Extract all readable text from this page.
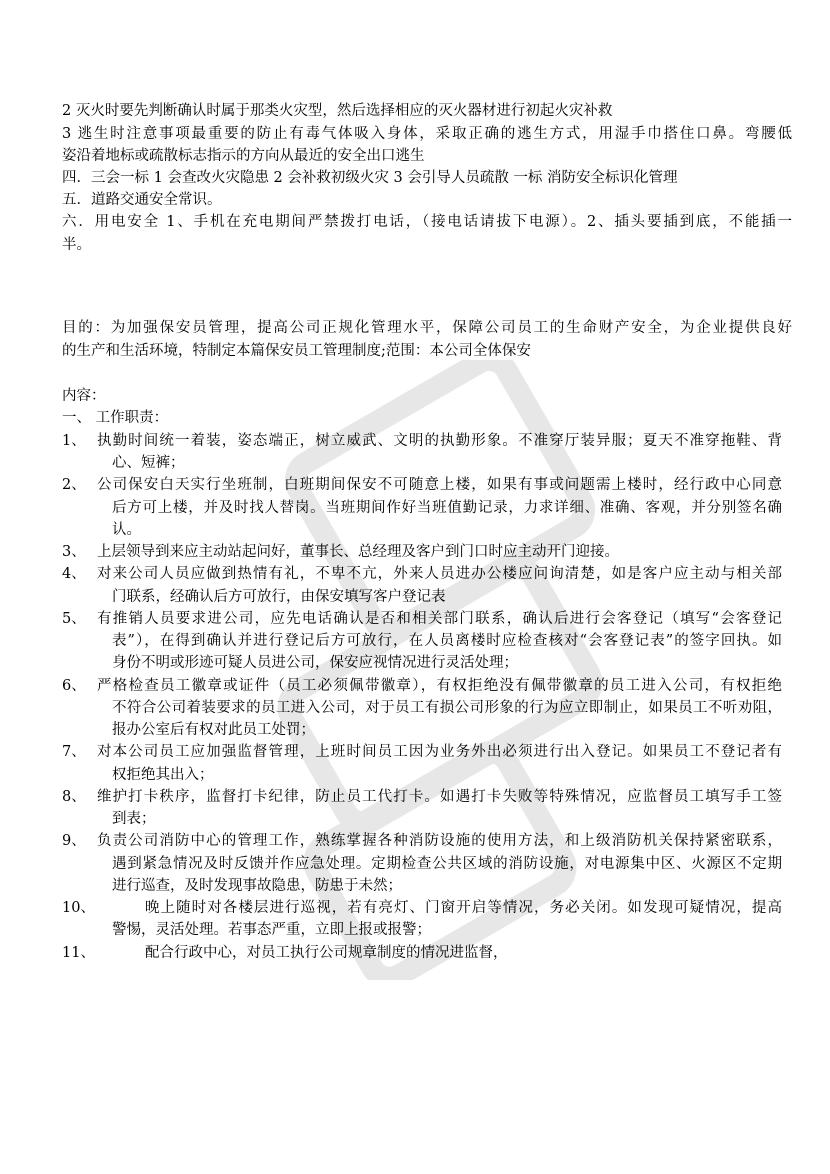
2 灭火时要先判断确认时属于那类火灾型，然后选择相应的灭火器材进行初起火灾补救
3 逃生时注意事项最重要的防止有毒气体吸入身体，采取正确的逃生方式，用湿手巾搭住口鼻。弯腰低
姿沿着地标或疏散标志指示的方向从最近的安全出口逃生
四．三会一标 1 会查改火灾隐患 2 会补救初级火灾 3 会引导人员疏散 一标 消防安全标识化管理
五．道路交通安全常识。
六．用电安全 1、手机在充电期间严禁拨打电话，（接电话请拔下电源）。2、插头要插到底，不能插一
半。
目的：为加强保安员管理，提高公司正规化管理水平，保障公司员工的生命财产安全，为企业提供良好
的生产和生活环境，特制定本篇保安员工管理制度;范围：本公司全体保安
内容：
一、 工作职责：
1、 执勤时间统一着装，姿态端正，树立威武、文明的执勤形象。不准穿厅装异服；夏天不准穿拖鞋、背
心、短裤；
2、 公司保安白天实行坐班制，白班期间保安不可随意上楼，如果有事或问题需上楼时，经行政中心同意
后方可上楼，并及时找人替岗。当班期间作好当班值勤记录，力求详细、准确、客观，并分别签名确
认。
3、 上层领导到来应主动站起问好，董事长、总经理及客户到门口时应主动开门迎接。
4、 对来公司人员应做到热情有礼，不卑不亢，外来人员进办公楼应问询清楚，如是客户应主动与相关部
门联系，经确认后方可放行，由保安填写客户登记表
5、 有推销人员要求进公司，应先电话确认是否和相关部门联系，确认后进行会客登记（填写“会客登记
表”），在得到确认并进行登记后方可放行，在人员离楼时应检查核对“会客登记表”的签字回执。如
身份不明或形迹可疑人员进公司，保安应视情况进行灵活处理；
6、 严格检查员工徽章或证件（员工必须佩带徽章），有权拒绝没有佩带徽章的员工进入公司，有权拒绝
不符合公司着装要求的员工进入公司，对于员工有损公司形象的行为应立即制止，如果员工不听劝阻，
报办公室后有权对此员工处罚；
7、 对本公司员工应加强监督管理，上班时间员工因为业务外出必须进行出入登记。如果员工不登记者有
权拒绝其出入；
8、 维护打卡秩序，监督打卡纪律，防止员工代打卡。如遇打卡失败等特殊情况，应监督员工填写手工签
到表；
9、 负责公司消防中心的管理工作，熟练掌握各种消防设施的使用方法，和上级消防机关保持紧密联系，
遇到紧急情况及时反馈并作应急处理。定期检查公共区域的消防设施，对电源集中区、火源区不定期
进行巡查，及时发现事故隐患，防患于未然；
10、	晚上随时对各楼层进行巡视，若有亮灯、门窗开启等情况，务必关闭。如发现可疑情况，提高
警惕，灵活处理。若事态严重，立即上报或报警；
11、	配合行政中心，对员工执行公司规章制度的情况进监督，
